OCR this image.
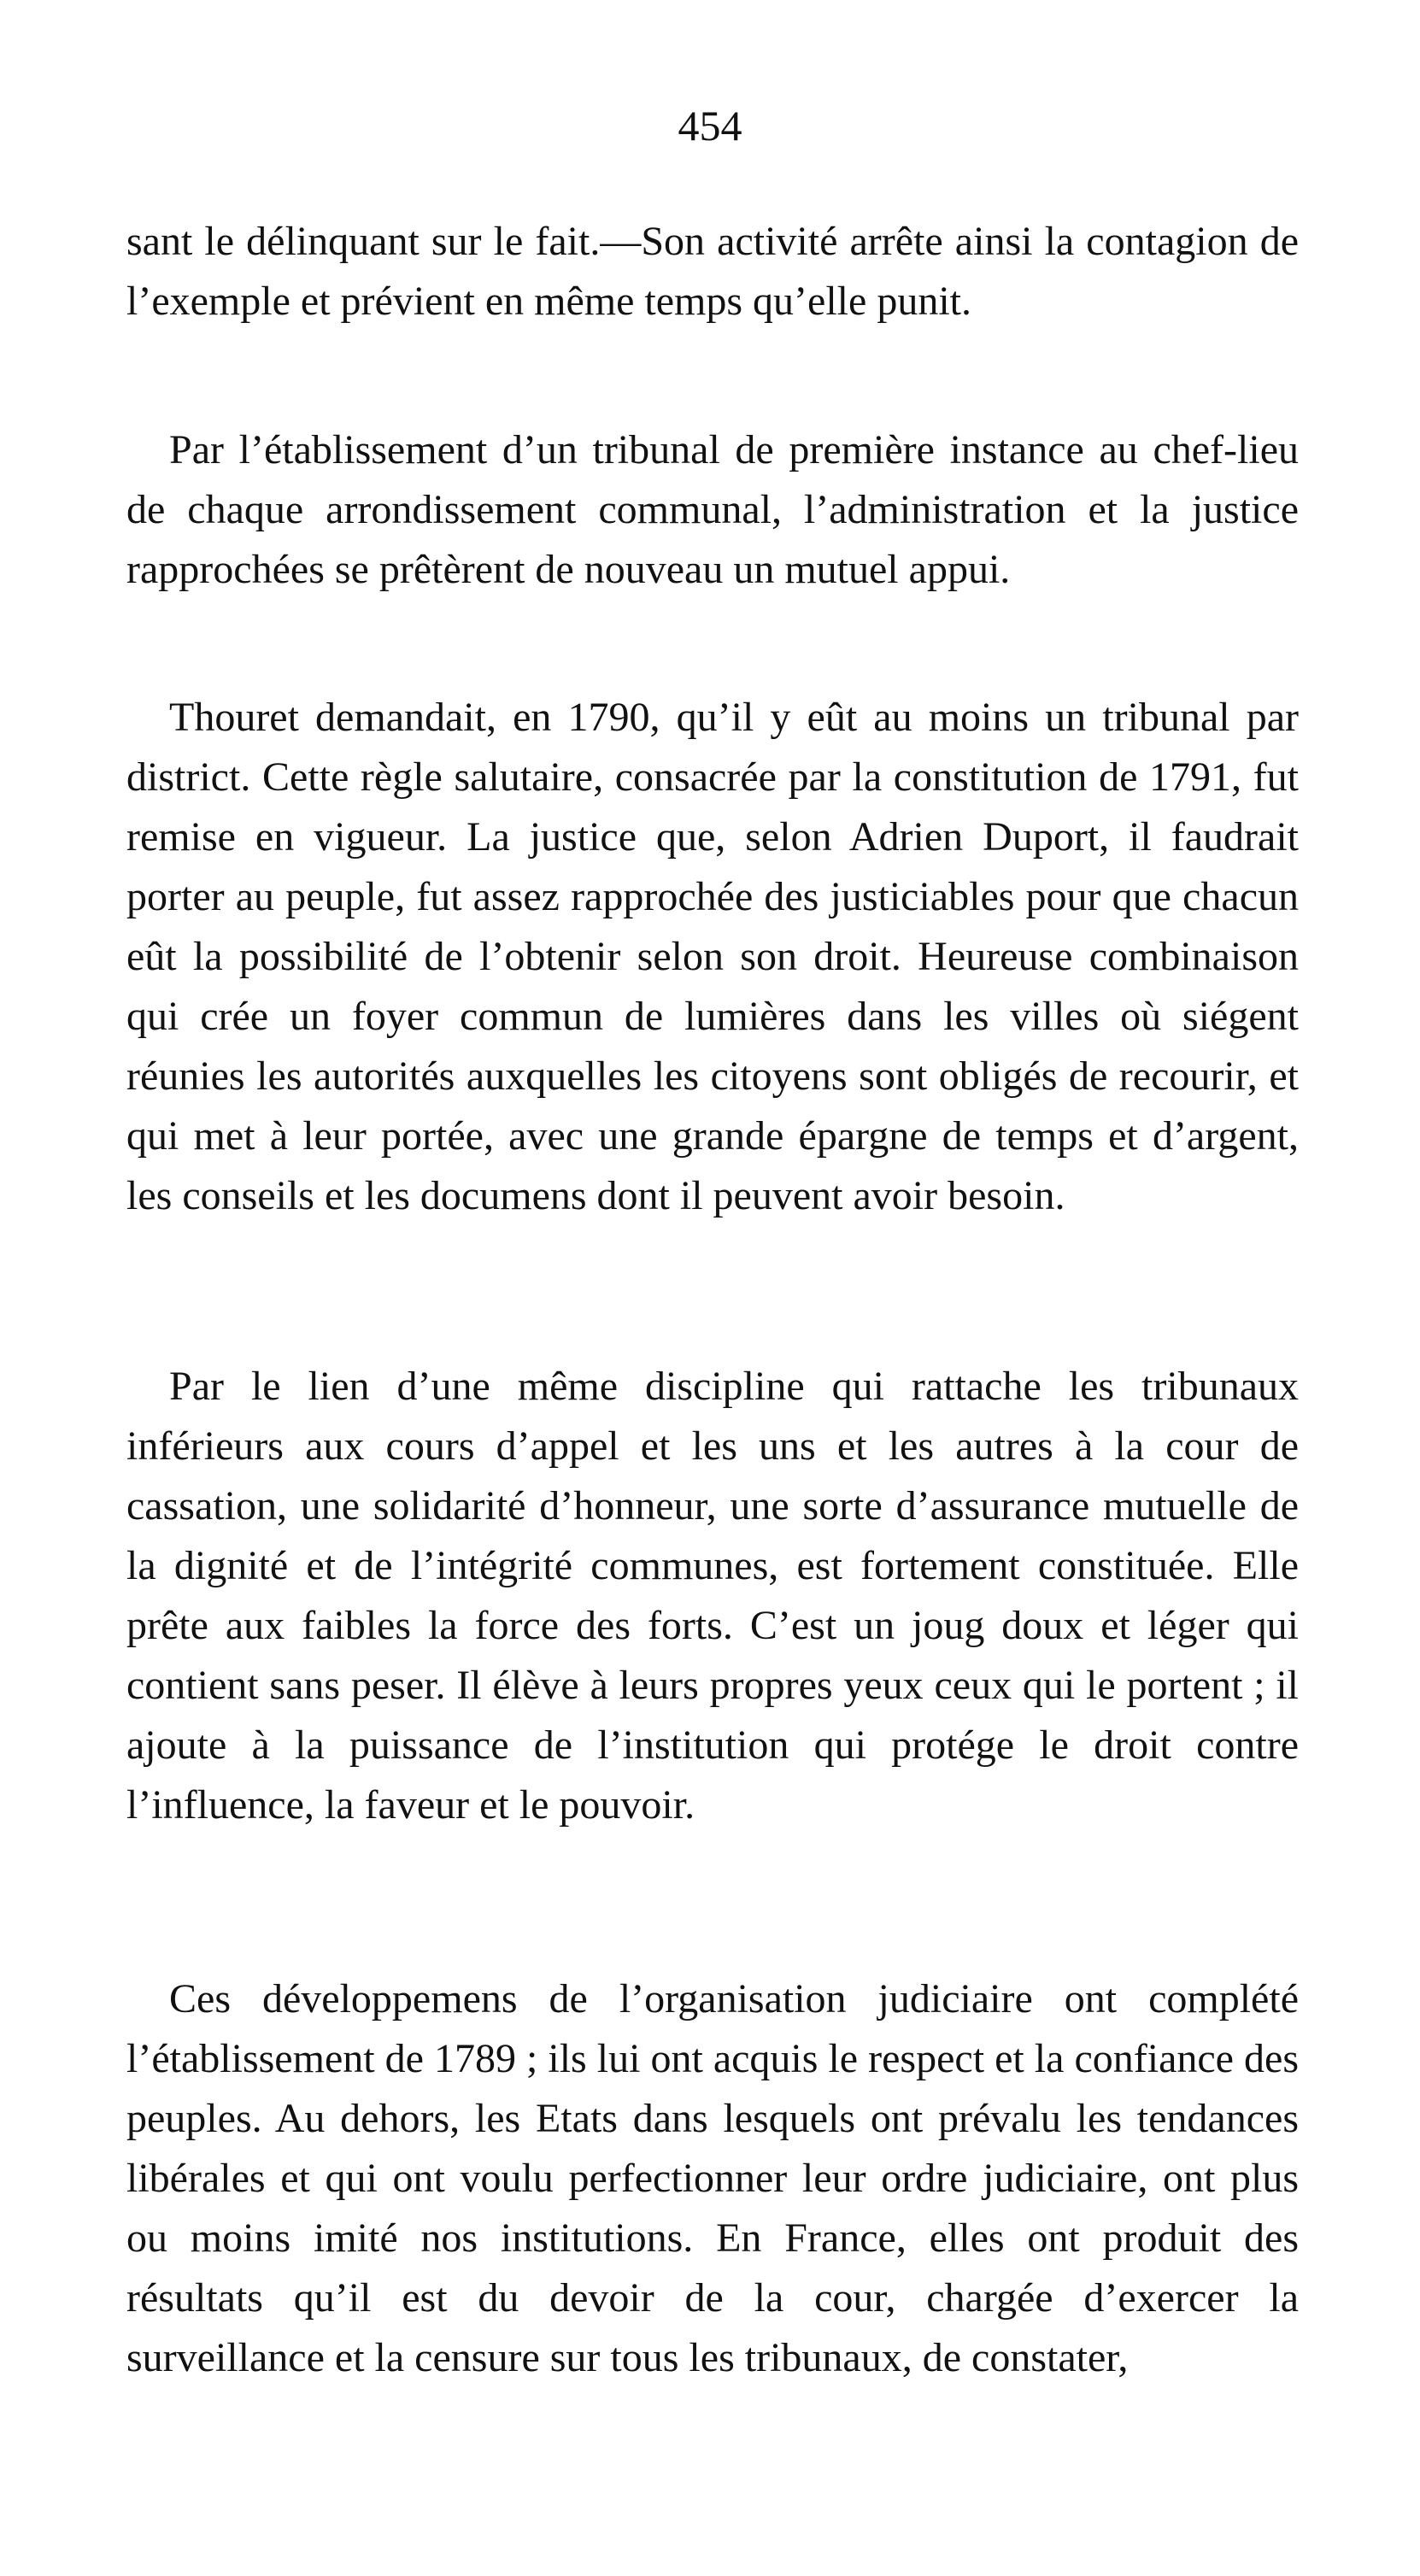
454

sant le délinquant sur le fait.—Son activité arrête ainsi la contagion de l’exemple et prévient en même temps qu’elle punit.

Par l’établissement d’un tribunal de première instance au chef-lieu de chaque arrondissement communal, l’administration et la justice rapprochées se prêtèrent de nouveau un mutuel appui.

Thouret demandait, en 1790, qu’il y eût au moins un tribunal par district. Cette règle salutaire, consacrée par la constitution de 1791, fut remise en vigueur. La justice que, selon Adrien Duport, il faudrait porter au peuple, fut assez rapprochée des justiciables pour que chacun eût la possibilité de l’obtenir selon son droit. Heureuse combinaison qui crée un foyer commun de lumières dans les villes où siégent réunies les autorités auxquelles les citoyens sont obligés de recourir, et qui met à leur portée, avec une grande épargne de temps et d’argent, les conseils et les documens dont il peuvent avoir besoin.

Par le lien d’une même discipline qui rattache les tribunaux inférieurs aux cours d’appel et les uns et les autres à la cour de cassation, une solidarité d’honneur, une sorte d’assurance mutuelle de la dignité et de l’intégrité communes, est fortement constituée. Elle prête aux faibles la force des forts. C’est un joug doux et léger qui contient sans peser. Il élève à leurs propres yeux ceux qui le portent ; il ajoute à la puissance de l’institution qui protége le droit contre l’influence, la faveur et le pouvoir.

Ces développemens de l’organisation judiciaire ont complété l’établissement de 1789 ; ils lui ont acquis le respect et la confiance des peuples. Au dehors, les Etats dans lesquels ont prévalu les tendances libérales et qui ont voulu perfectionner leur ordre judiciaire, ont plus ou moins imité nos institutions. En France, elles ont produit des résultats qu’il est du devoir de la cour, chargée d’exercer la surveillance et la censure sur tous les tribunaux, de constater,
